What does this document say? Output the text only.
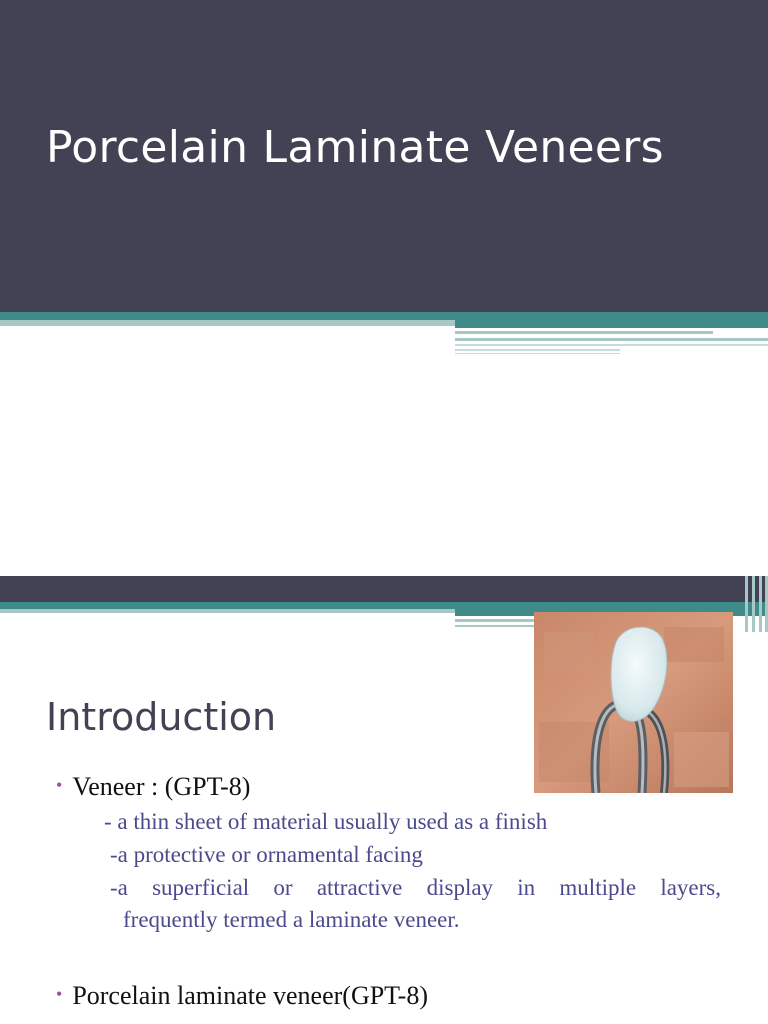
Porcelain Laminate Veneers
Introduction
• Veneer : (GPT-8)
- a thin sheet of material usually used as a finish
-a protective or ornamental facing
-a superficial or attractive display in multiple layers,
frequently termed a laminate veneer.
• Porcelain laminate veneer(GPT-8)
